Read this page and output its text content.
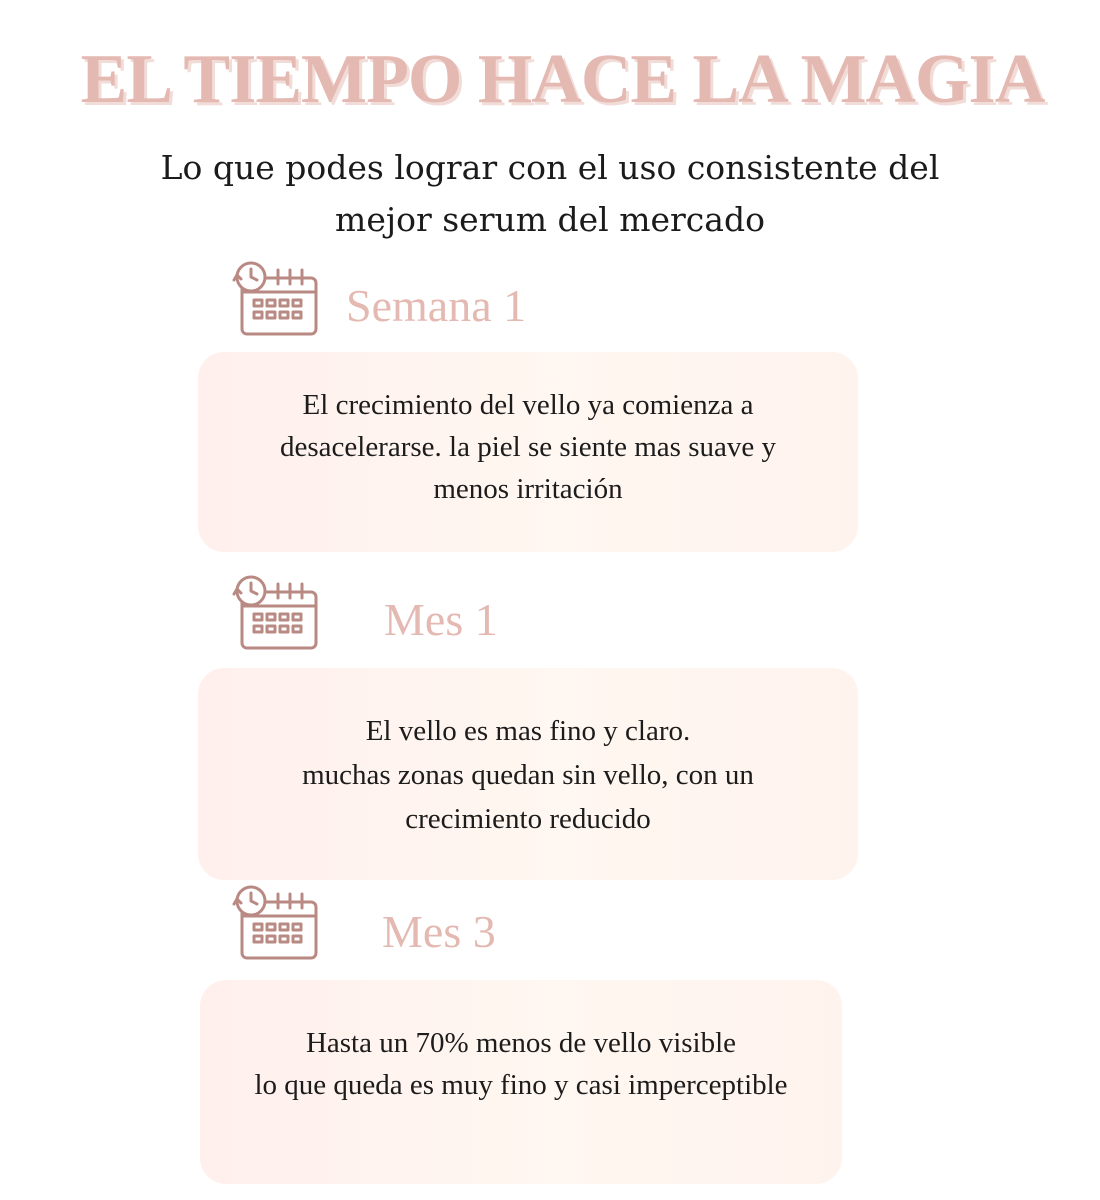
EL TIEMPO HACE LA MAGIA
Lo que podes lograr con el uso consistente del
mejor serum del mercado
Semana 1

El crecimiento del vello ya comienza a

desacelerarse. la piel se siente mas suave y

menos irritación

Mes 1

El vello es mas fino y claro.

muchas zonas quedan sin vello, con un

crecimiento reducido

Mes 3

Hasta un 70% menos de vello visible

lo que queda es muy fino y casi imperceptible
